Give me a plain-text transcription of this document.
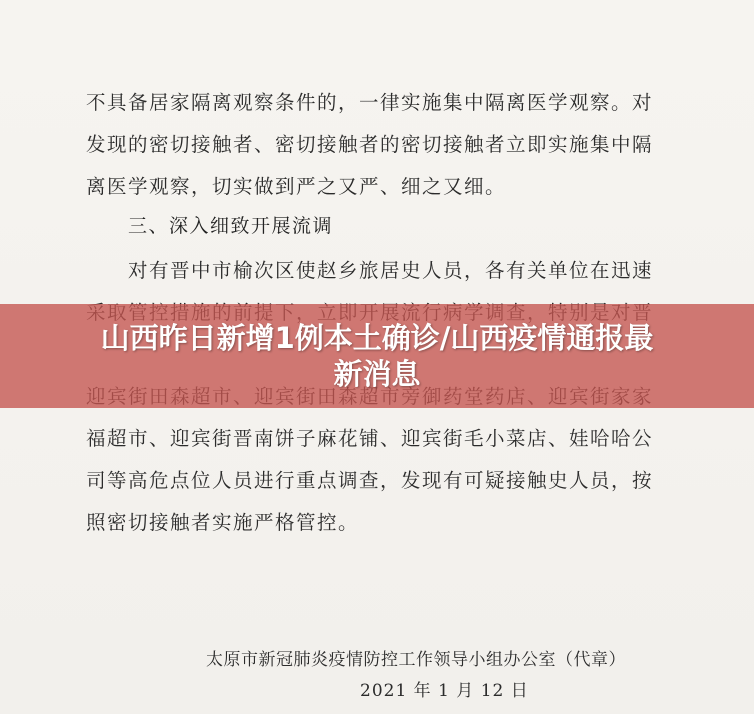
不具备居家隔离观察条件的，一律实施集中隔离医学观察。对
发现的密切接触者、密切接触者的密切接触者立即实施集中隔
离医学观察，切实做到严之又严、细之又细。
三、深入细致开展流调
对有晋中市榆次区使赵乡旅居史人员，各有关单位在迅速
福超市、迎宾街晋南饼子麻花铺、迎宾街毛小菜店、娃哈哈公
司等高危点位人员进行重点调查，发现有可疑接触史人员，按
照密切接触者实施严格管控。
太原市新冠肺炎疫情防控工作领导小组办公室（代章）
2021 年 1 月 12 日
山西昨日新增1例本土确诊/山西疫情通报最
新消息
